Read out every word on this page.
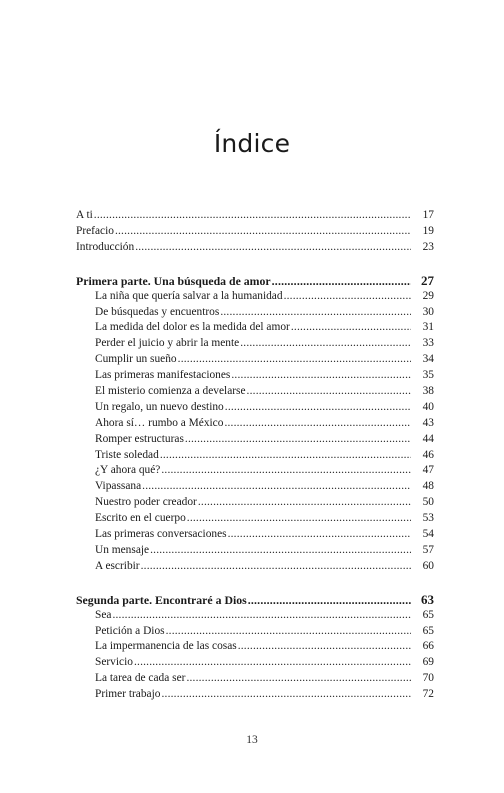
Índice
A ti .....	17
Prefacio .....	19
Introducción .....	23
Primera parte. Una búsqueda de amor .....	27
La niña que quería salvar a la humanidad .....	29
De búsquedas y encuentros .....	30
La medida del dolor es la medida del amor .....	31
Perder el juicio y abrir la mente .....	33
Cumplir un sueño .....	34
Las primeras manifestaciones .....	35
El misterio comienza a develarse .....	38
Un regalo, un nuevo destino .....	40
Ahora sí… rumbo a México .....	43
Romper estructuras .....	44
Triste soledad .....	46
¿Y ahora qué? .....	47
Vipassana .....	48
Nuestro poder creador .....	50
Escrito en el cuerpo .....	53
Las primeras conversaciones .....	54
Un mensaje .....	57
A escribir .....	60
Segunda parte. Encontraré a Dios .....	63
Sea .....	65
Petición a Dios .....	65
La impermanencia de las cosas .....	66
Servicio .....	69
La tarea de cada ser .....	70
Primer trabajo .....	72
13
